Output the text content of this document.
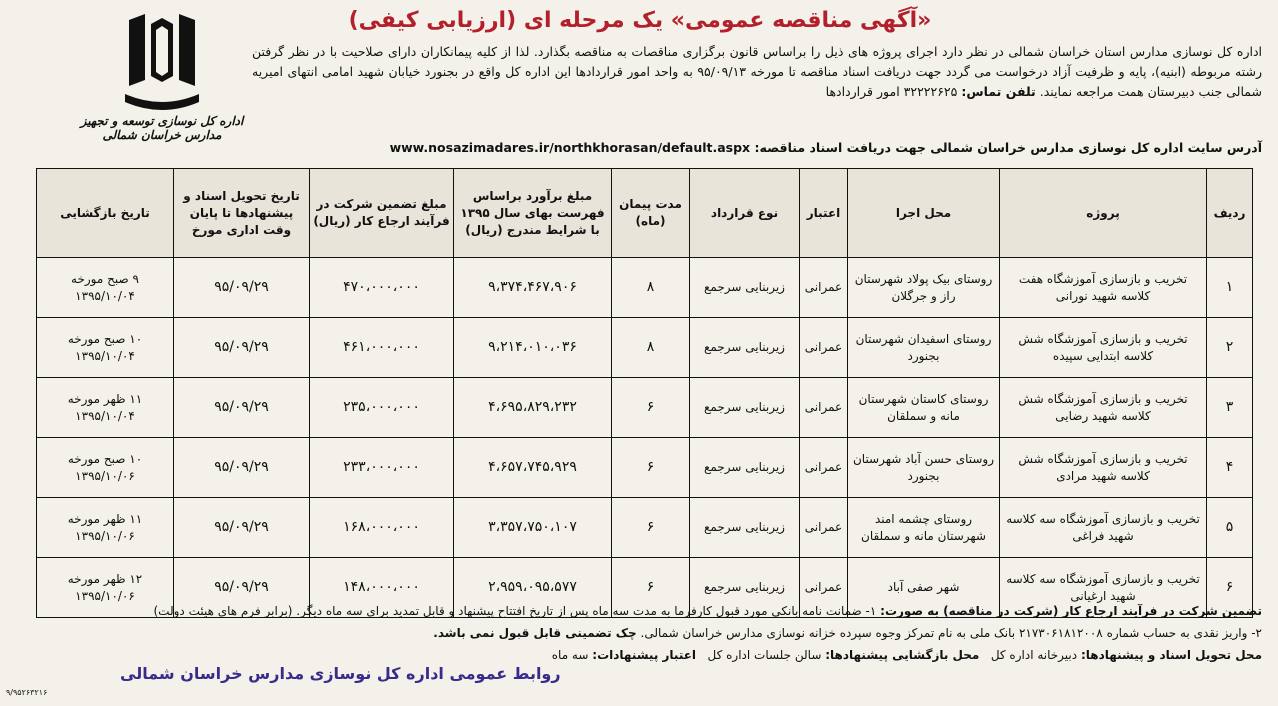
«آگهی مناقصه عمومی» یک مرحله ای (ارزیابی کیفی)
اداره کل نوسازی توسعه و تجهیز مدارس خراسان شمالی
اداره کل نوسازی مدارس استان خراسان شمالی در نظر دارد اجرای پروژه های ذیل را براساس قانون برگزاری مناقصات به مناقصه بگذارد. لذا از کلیه پیمانکاران دارای صلاحیت با در نظر گرفتن رشته مربوطه (ابنیه)، پایه و ظرفیت آزاد درخواست می گردد جهت دریافت اسناد مناقصه تا مورخه ۹۵/۰۹/۱۳ به واحد امور قراردادها این اداره کل واقع در بجنورد خیابان شهید امامی انتهای امیریه شمالی جنب دبیرستان همت مراجعه نمایند. تلفن تماس: ۳۲۲۲۲۶۲۵ امور قراردادها
آدرس سایت اداره کل نوسازی مدارس خراسان شمالی جهت دریافت اسناد مناقصه: www.nosazimadares.ir/northkhorasan/default.aspx
ردیف	پروژه	محل اجرا	اعتبار	نوع قرارداد	مدت پیمان (ماه)	مبلغ برآورد براساس فهرست بهای سال ۱۳۹۵ با شرایط مندرج (ریال)	مبلغ تضمین شرکت در فرآیند ارجاع کار (ریال)	تاریخ تحویل اسناد و پیشنهادها تا پایان وقت اداری مورخ	تاریخ بازگشایی
۱	تخریب و بازسازی آموزشگاه هفت کلاسه شهید نورانی	روستای بیک پولاد شهرستان راز و جرگلان	عمرانی	زیربنایی سرجمع	۸	۹،۳۷۴،۴۶۷،۹۰۶	۴۷۰،۰۰۰،۰۰۰	۹۵/۰۹/۲۹	۹ صبح مورخه ۱۳۹۵/۱۰/۰۴
۲	تخریب و بازسازی آموزشگاه شش کلاسه ابتدایی سپیده	روستای اسفیدان شهرستان بجنورد	عمرانی	زیربنایی سرجمع	۸	۹،۲۱۴،۰۱۰،۰۳۶	۴۶۱،۰۰۰،۰۰۰	۹۵/۰۹/۲۹	۱۰ صبح مورخه ۱۳۹۵/۱۰/۰۴
۳	تخریب و بازسازی آموزشگاه شش کلاسه شهید رضایی	روستای کاستان شهرستان مانه و سملقان	عمرانی	زیربنایی سرجمع	۶	۴،۶۹۵،۸۲۹،۲۳۲	۲۳۵،۰۰۰،۰۰۰	۹۵/۰۹/۲۹	۱۱ ظهر مورخه ۱۳۹۵/۱۰/۰۴
۴	تخریب و بازسازی آموزشگاه شش کلاسه شهید مرادی	روستای حسن آباد شهرستان بجنورد	عمرانی	زیربنایی سرجمع	۶	۴،۶۵۷،۷۴۵،۹۲۹	۲۳۳،۰۰۰،۰۰۰	۹۵/۰۹/۲۹	۱۰ صبح مورخه ۱۳۹۵/۱۰/۰۶
۵	تخریب و بازسازی آموزشگاه سه کلاسه شهید فراغی	روستای چشمه امند شهرستان مانه و سملقان	عمرانی	زیربنایی سرجمع	۶	۳،۳۵۷،۷۵۰،۱۰۷	۱۶۸،۰۰۰،۰۰۰	۹۵/۰۹/۲۹	۱۱ ظهر مورخه ۱۳۹۵/۱۰/۰۶
۶	تخریب و بازسازی آموزشگاه سه کلاسه شهید ارغیانی	شهر صفی آباد	عمرانی	زیربنایی سرجمع	۶	۲،۹۵۹،۰۹۵،۵۷۷	۱۴۸،۰۰۰،۰۰۰	۹۵/۰۹/۲۹	۱۲ ظهر مورخه ۱۳۹۵/۱۰/۰۶
تضمین شرکت در فرآیند ارجاع کار (شرکت در مناقصه) به صورت: ۱- ضمانت نامه بانکی مورد قبول کارفرما به مدت سه ماه پس از تاریخ افتتاح پیشنهاد و قابل تمدید برای سه ماه دیگر. (برابر فرم های هیئت دولت)
۲- واریز نقدی به حساب شماره ۲۱۷۳۰۶۱۸۱۲۰۰۸ بانک ملی به نام تمرکز وجوه سپرده خزانه نوسازی مدارس خراسان شمالی. چک تضمینی قابل قبول نمی باشد.
محل تحویل اسناد و پیشنهادها: دبیرخانه اداره کل   محل بازگشایی پیشنهادها: سالن جلسات اداره کل   اعتبار پیشنهادات: سه ماه
روابط عمومی اداره کل نوسازی مدارس خراسان شمالی
۹/۹۵۲۶۳۲۱۶
